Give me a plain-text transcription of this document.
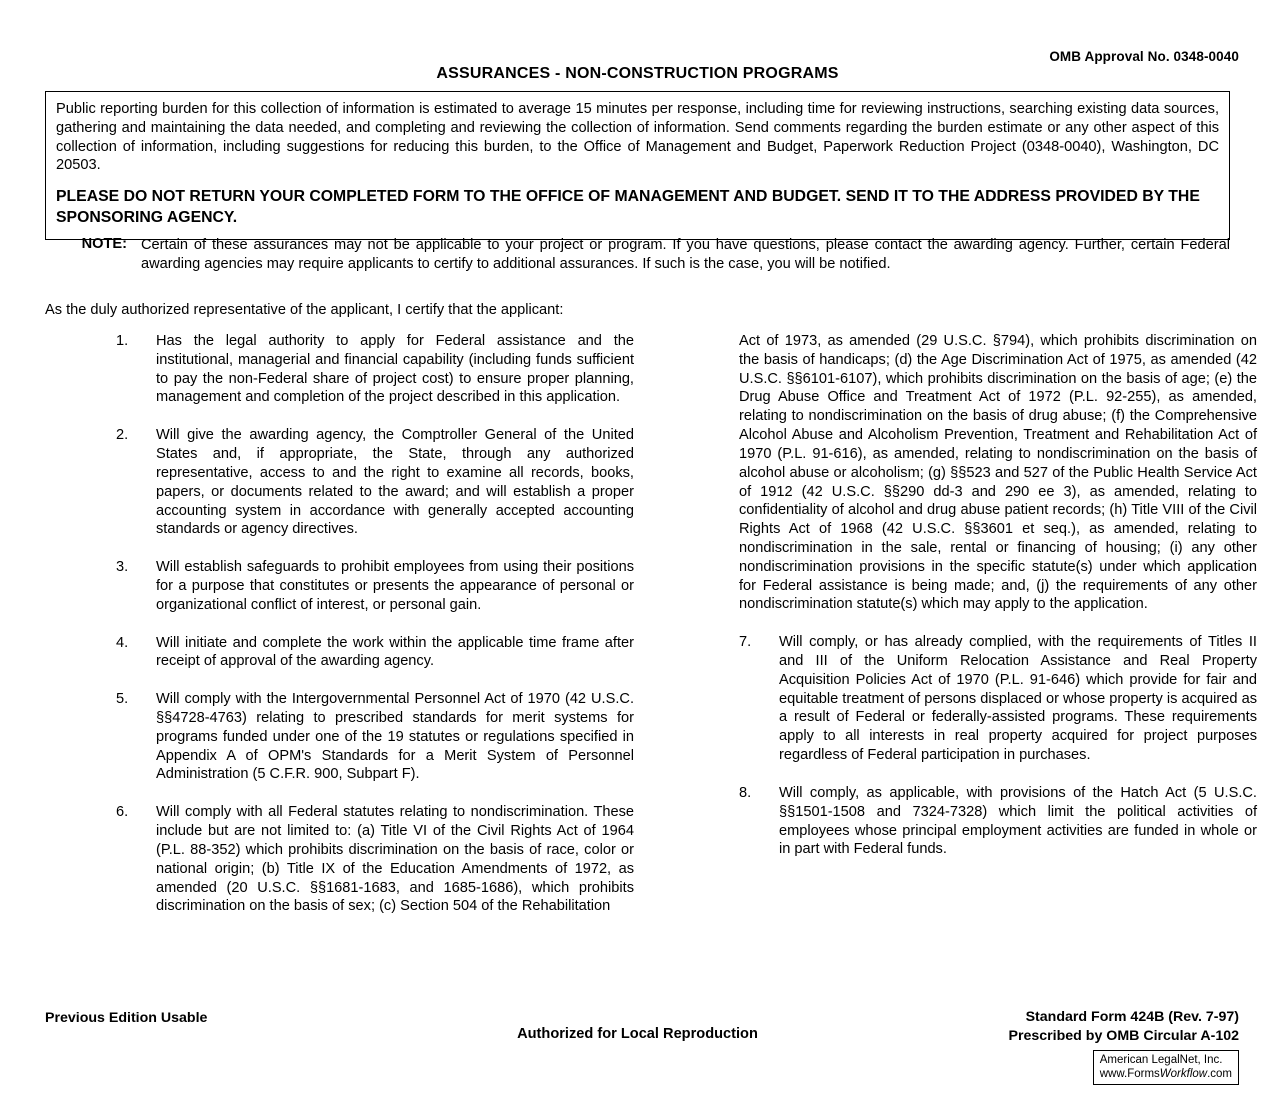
OMB Approval No. 0348-0040
ASSURANCES - NON-CONSTRUCTION PROGRAMS
Public reporting burden for this collection of information is estimated to average 15 minutes per response, including time for reviewing instructions, searching existing data sources, gathering and maintaining the data needed, and completing and reviewing the collection of information. Send comments regarding the burden estimate or any other aspect of this collection of information, including suggestions for reducing this burden, to the Office of Management and Budget, Paperwork Reduction Project (0348-0040), Washington, DC 20503.
PLEASE DO NOT RETURN YOUR COMPLETED FORM TO THE OFFICE OF MANAGEMENT AND BUDGET. SEND IT TO THE ADDRESS PROVIDED BY THE SPONSORING AGENCY.
NOTE: Certain of these assurances may not be applicable to your project or program. If you have questions, please contact the awarding agency. Further, certain Federal awarding agencies may require applicants to certify to additional assurances. If such is the case, you will be notified.
As the duly authorized representative of the applicant, I certify that the applicant:
1.	Has the legal authority to apply for Federal assistance and the institutional, managerial and financial capability (including funds sufficient to pay the non-Federal share of project cost) to ensure proper planning, management and completion of the project described in this application.
2.	Will give the awarding agency, the Comptroller General of the United States and, if appropriate, the State, through any authorized representative, access to and the right to examine all records, books, papers, or documents related to the award; and will establish a proper accounting system in accordance with generally accepted accounting standards or agency directives.
3.	Will establish safeguards to prohibit employees from using their positions for a purpose that constitutes or presents the appearance of personal or organizational conflict of interest, or personal gain.
4.	Will initiate and complete the work within the applicable time frame after receipt of approval of the awarding agency.
5.	Will comply with the Intergovernmental Personnel Act of 1970 (42 U.S.C. §§4728-4763) relating to prescribed standards for merit systems for programs funded under one of the 19 statutes or regulations specified in Appendix A of OPM's Standards for a Merit System of Personnel Administration (5 C.F.R. 900, Subpart F).
6.	Will comply with all Federal statutes relating to nondiscrimination. These include but are not limited to: (a) Title VI of the Civil Rights Act of 1964 (P.L. 88-352) which prohibits discrimination on the basis of race, color or national origin; (b) Title IX of the Education Amendments of 1972, as amended (20 U.S.C. §§1681-1683, and 1685-1686), which prohibits discrimination on the basis of sex; (c) Section 504 of the Rehabilitation
Act of 1973, as amended (29 U.S.C. §794), which prohibits discrimination on the basis of handicaps; (d) the Age Discrimination Act of 1975, as amended (42 U.S.C. §§6101-6107), which prohibits discrimination on the basis of age; (e) the Drug Abuse Office and Treatment Act of 1972 (P.L. 92-255), as amended, relating to nondiscrimination on the basis of drug abuse; (f) the Comprehensive Alcohol Abuse and Alcoholism Prevention, Treatment and Rehabilitation Act of 1970 (P.L. 91-616), as amended, relating to nondiscrimination on the basis of alcohol abuse or alcoholism; (g) §§523 and 527 of the Public Health Service Act of 1912 (42 U.S.C. §§290 dd-3 and 290 ee 3), as amended, relating to confidentiality of alcohol and drug abuse patient records; (h) Title VIII of the Civil Rights Act of 1968 (42 U.S.C. §§3601 et seq.), as amended, relating to nondiscrimination in the sale, rental or financing of housing; (i) any other nondiscrimination provisions in the specific statute(s) under which application for Federal assistance is being made; and, (j) the requirements of any other nondiscrimination statute(s) which may apply to the application.
7.	Will comply, or has already complied, with the requirements of Titles II and III of the Uniform Relocation Assistance and Real Property Acquisition Policies Act of 1970 (P.L. 91-646) which provide for fair and equitable treatment of persons displaced or whose property is acquired as a result of Federal or federally-assisted programs. These requirements apply to all interests in real property acquired for project purposes regardless of Federal participation in purchases.
8.	Will comply, as applicable, with provisions of the Hatch Act (5 U.S.C. §§1501-1508 and 7324-7328) which limit the political activities of employees whose principal employment activities are funded in whole or in part with Federal funds.
Previous Edition Usable
Authorized for Local Reproduction
Standard Form 424B (Rev. 7-97)
Prescribed by OMB Circular A-102
American LegalNet, Inc.
www.FormsWorkflow.com
